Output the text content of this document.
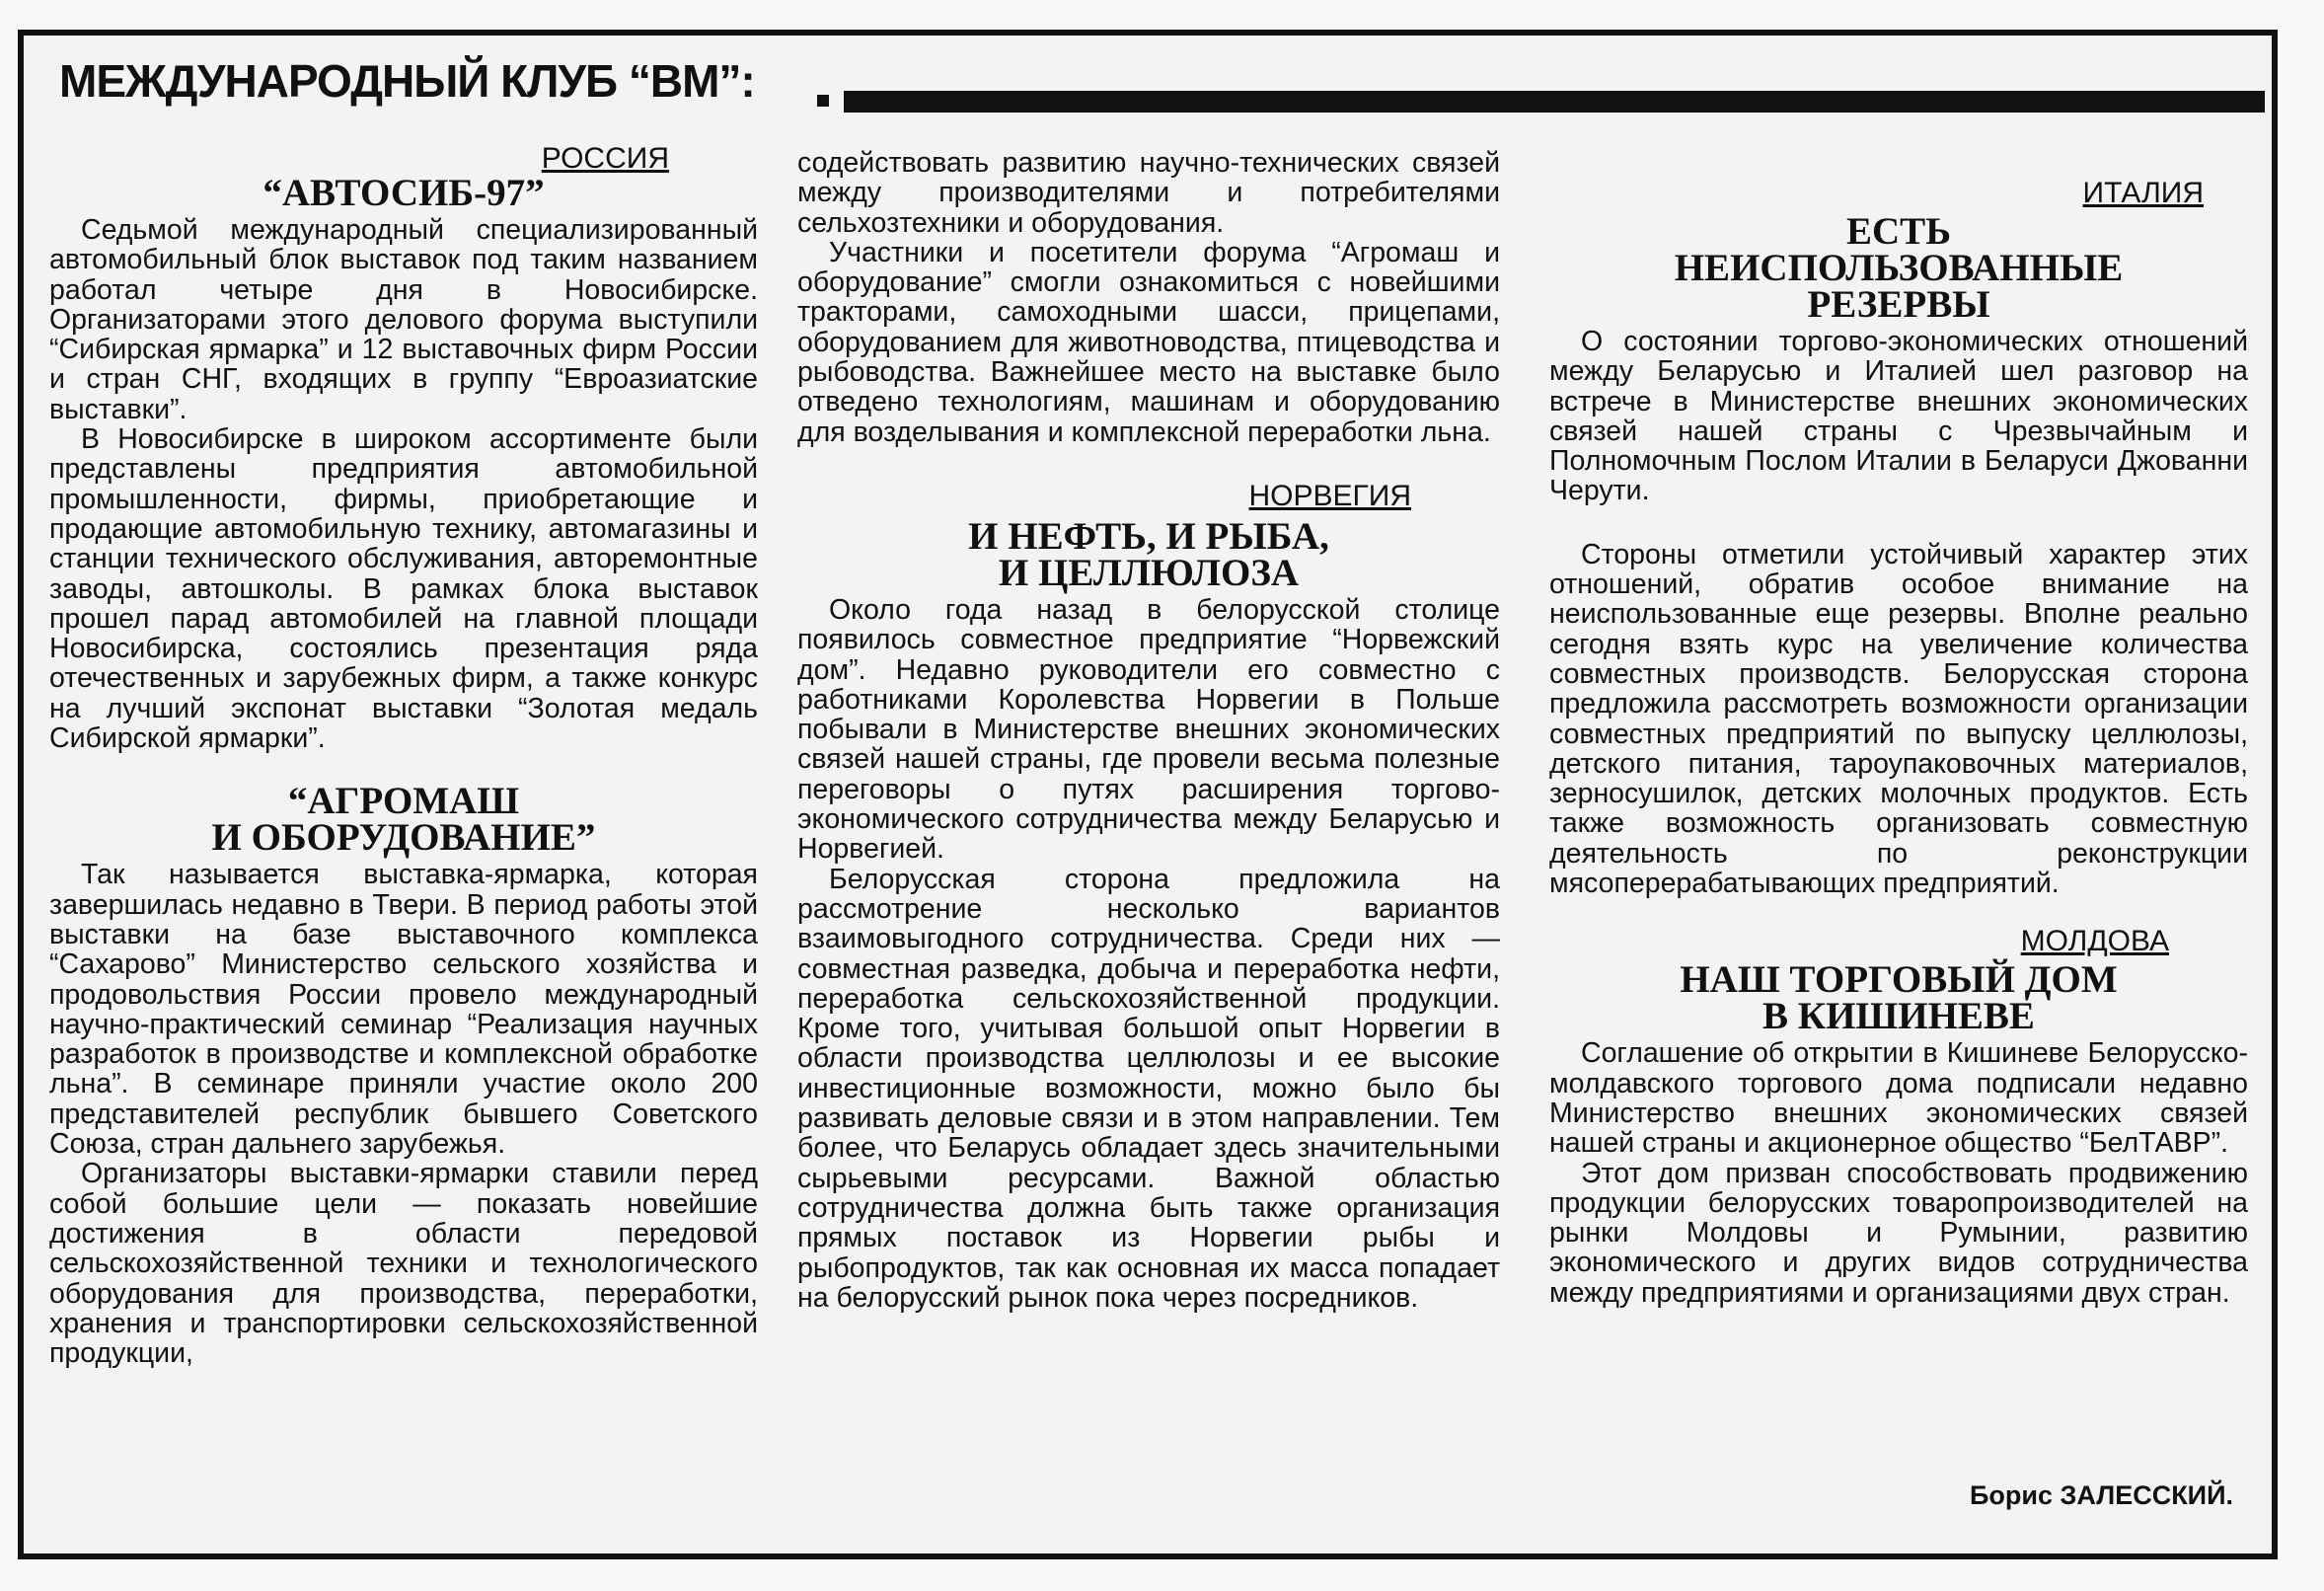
МЕЖДУНАРОДНЫЙ КЛУБ “ВМ”:
РОССИЯ
“АВТОСИБ-97”

Седьмой международный специализированный автомобильный блок выставок под таким названием работал четыре дня в Новосибирске. Организаторами этого делового форума выступили “Сибирская ярмарка” и 12 выставочных фирм России и стран СНГ, входящих в группу “Евроазиатские выставки”.

В Новосибирске в широком ассортименте были представлены предприятия автомобильной промышленности, фирмы, приобретающие и продающие автомобильную технику, автомагазины и станции технического обслуживания, авторемонтные заводы, автошколы. В рамках блока выставок прошел парад автомобилей на главной площади Новосибирска, состоялись презентация ряда отечественных и зарубежных фирм, а также конкурс на лучший экспонат выставки “Золотая медаль Сибирской ярмарки”.

“АГРОМАШ
И ОБОРУДОВАНИЕ”

Так называется выставка-ярмарка, которая завершилась недавно в Твери. В период работы этой выставки на базе выставочного комплекса “Сахарово” Министерство сельского хозяйства и продовольствия России провело международный научно-практический семинар “Реализация научных разработок в производстве и комплексной обработке льна”. В семинаре приняли участие около 200 представителей республик бывшего Советского Союза, стран дальнего зарубежья.

Организаторы выставки-ярмарки ставили перед собой большие цели — показать новейшие достижения в области передовой сельскохозяйственной техники и технологического оборудования для производства, переработки, хранения и транспортировки сельскохозяйственной продукции,

содействовать развитию научно-технических связей между производителями и потребителями сельхозтехники и оборудования.

Участники и посетители форума “Агромаш и оборудование” смогли ознакомиться с новейшими тракторами, самоходными шасси, прицепами, оборудованием для животноводства, птицеводства и рыбоводства. Важнейшее место на выставке было отведено технологиям, машинам и оборудованию для возделывания и комплексной переработки льна.

НОРВЕГИЯ
И НЕФТЬ, И РЫБА,
И ЦЕЛЛЮЛОЗА

Около года назад в белорусской столице появилось совместное предприятие “Норвежский дом”. Недавно руководители его совместно с работниками Королевства Норвегии в Польше побывали в Министерстве внешних экономических связей нашей страны, где провели весьма полезные переговоры о путях расширения торгово-экономического сотрудничества между Беларусью и Норвегией.

Белорусская сторона предложила на рассмотрение несколько вариантов взаимовыгодного сотрудничества. Среди них — совместная разведка, добыча и переработка нефти, переработка сельскохозяйственной продукции. Кроме того, учитывая большой опыт Норвегии в области производства целлюлозы и ее высокие инвестиционные возможности, можно было бы развивать деловые связи и в этом направлении. Тем более, что Беларусь обладает здесь значительными сырьевыми ресурсами. Важной областью сотрудничества должна быть также организация прямых поставок из Норвегии рыбы и рыбопродуктов, так как основная их масса попадает на белорусский рынок пока через посредников.

ИТАЛИЯ
ЕСТЬ
НЕИСПОЛЬЗОВАННЫЕ
РЕЗЕРВЫ

О состоянии торгово-экономических отношений между Беларусью и Италией шел разговор на встрече в Министерстве внешних экономических связей нашей страны с Чрезвычайным и Полномочным Послом Италии в Беларуси Джованни Черути.

Стороны отметили устойчивый характер этих отношений, обратив особое внимание на неиспользованные еще резервы. Вполне реально сегодня взять курс на увеличение количества совместных производств. Белорусская сторона предложила рассмотреть возможности организации совместных предприятий по выпуску целлюлозы, детского питания, тароупаковочных материалов, зерносушилок, детских молочных продуктов. Есть также возможность организовать совместную деятельность по реконструкции мясоперерабатывающих предприятий.

МОЛДОВА
НАШ ТОРГОВЫЙ ДОМ
В КИШИНЕВЕ

Соглашение об открытии в Кишиневе Белорусско-молдавского торгового дома подписали недавно Министерство внешних экономических связей нашей страны и акционерное общество “БелТАВР”.

Этот дом призван способствовать продвижению продукции белорусских товаропроизводителей на рынки Молдовы и Румынии, развитию экономического и других видов сотрудничества между предприятиями и организациями двух стран.

Борис ЗАЛЕССКИЙ.
